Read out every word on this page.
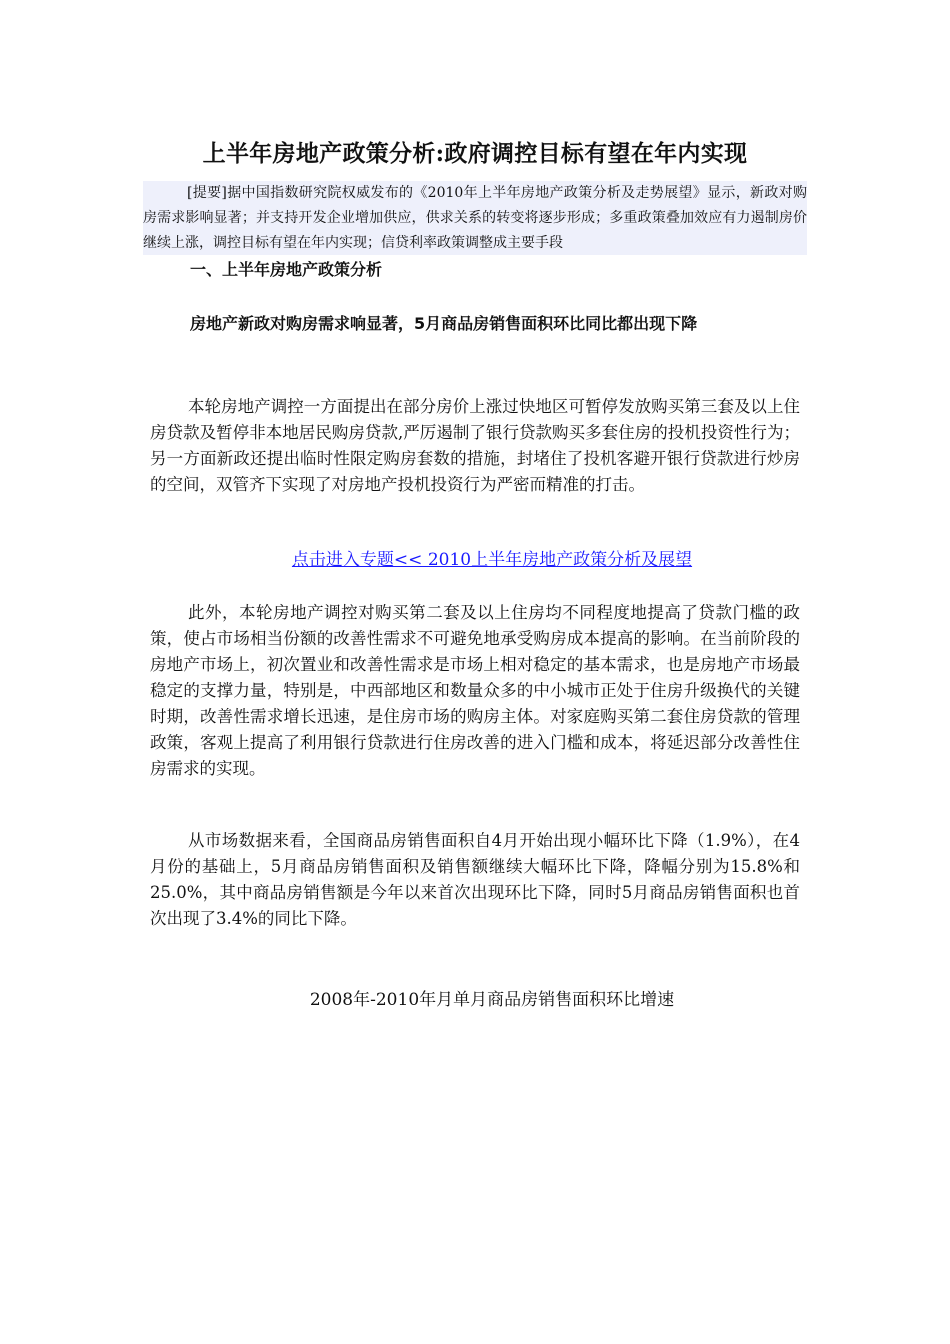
上半年房地产政策分析:政府调控目标有望在年内实现
[提要]据中国指数研究院权威发布的《2010年上半年房地产政策分析及走势展望》显示，新政对购房需求影响显著；并支持开发企业增加供应，供求关系的转变将逐步形成；多重政策叠加效应有力遏制房价继续上涨，调控目标有望在年内实现；信贷利率政策调整成主要手段
一、上半年房地产政策分析
房地产新政对购房需求响显著，5月商品房销售面积环比同比都出现下降
本轮房地产调控一方面提出在部分房价上涨过快地区可暂停发放购买第三套及以上住房贷款及暂停非本地居民购房贷款,严厉遏制了银行贷款购买多套住房的投机投资性行为；另一方面新政还提出临时性限定购房套数的措施，封堵住了投机客避开银行贷款进行炒房的空间，双管齐下实现了对房地产投机投资行为严密而精准的打击。
点击进入专题<< 2010上半年房地产政策分析及展望
此外，本轮房地产调控对购买第二套及以上住房均不同程度地提高了贷款门槛的政策，使占市场相当份额的改善性需求不可避免地承受购房成本提高的影响。在当前阶段的房地产市场上，初次置业和改善性需求是市场上相对稳定的基本需求，也是房地产市场最稳定的支撑力量，特别是，中西部地区和数量众多的中小城市正处于住房升级换代的关键时期，改善性需求增长迅速，是住房市场的购房主体。对家庭购买第二套住房贷款的管理政策，客观上提高了利用银行贷款进行住房改善的进入门槛和成本，将延迟部分改善性住房需求的实现。
从市场数据来看，全国商品房销售面积自4月开始出现小幅环比下降（1.9%），在4月份的基础上，5月商品房销售面积及销售额继续大幅环比下降，降幅分别为15.8%和25.0%，其中商品房销售额是今年以来首次出现环比下降，同时5月商品房销售面积也首次出现了3.4%的同比下降。
2008年-2010年月单月商品房销售面积环比增速
